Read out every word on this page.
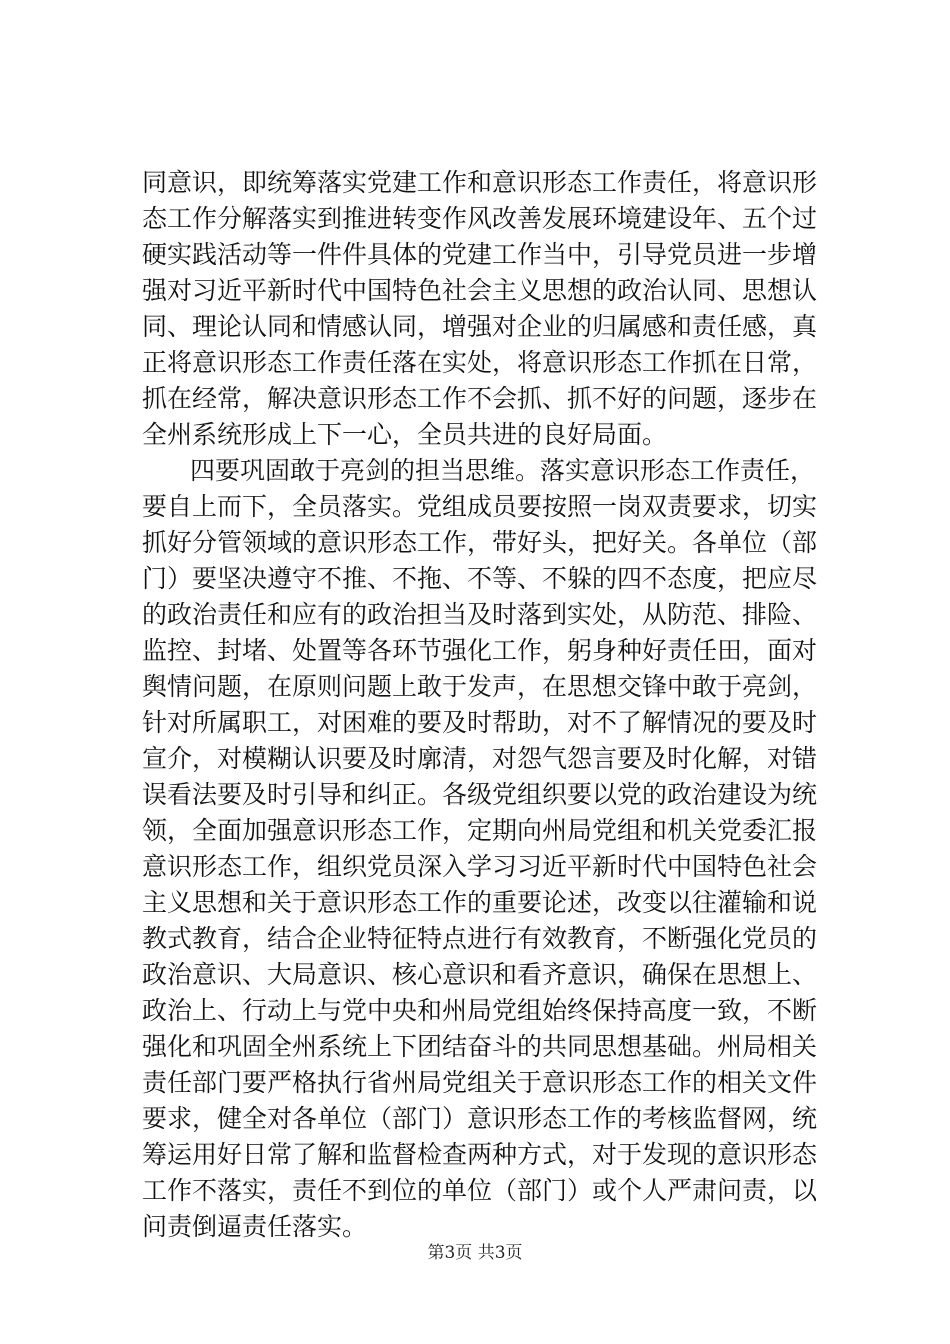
同意识，即统筹落实党建工作和意识形态工作责任，将意识形
态工作分解落实到推进转变作风改善发展环境建设年、五个过
硬实践活动等一件件具体的党建工作当中，引导党员进一步增
强对习近平新时代中国特色社会主义思想的政治认同、思想认
同、理论认同和情感认同，增强对企业的归属感和责任感，真
正将意识形态工作责任落在实处，将意识形态工作抓在日常，
抓在经常，解决意识形态工作不会抓、抓不好的问题，逐步在
全州系统形成上下一心，全员共进的良好局面。
四要巩固敢于亮剑的担当思维。落实意识形态工作责任，
要自上而下，全员落实。党组成员要按照一岗双责要求，切实
抓好分管领域的意识形态工作，带好头，把好关。各单位（部
门）要坚决遵守不推、不拖、不等、不躲的四不态度，把应尽
的政治责任和应有的政治担当及时落到实处，从防范、排险、
监控、封堵、处置等各环节强化工作，躬身种好责任田，面对
舆情问题，在原则问题上敢于发声，在思想交锋中敢于亮剑，
针对所属职工，对困难的要及时帮助，对不了解情况的要及时
宣介，对模糊认识要及时廓清，对怨气怨言要及时化解，对错
误看法要及时引导和纠正。各级党组织要以党的政治建设为统
领，全面加强意识形态工作，定期向州局党组和机关党委汇报
意识形态工作，组织党员深入学习习近平新时代中国特色社会
主义思想和关于意识形态工作的重要论述，改变以往灌输和说
教式教育，结合企业特征特点进行有效教育，不断强化党员的
政治意识、大局意识、核心意识和看齐意识，确保在思想上、
政治上、行动上与党中央和州局党组始终保持高度一致，不断
强化和巩固全州系统上下团结奋斗的共同思想基础。州局相关
责任部门要严格执行省州局党组关于意识形态工作的相关文件
要求，健全对各单位（部门）意识形态工作的考核监督网，统
筹运用好日常了解和监督检查两种方式，对于发现的意识形态
工作不落实，责任不到位的单位（部门）或个人严肃问责，以
问责倒逼责任落实。
第3页 共3页
